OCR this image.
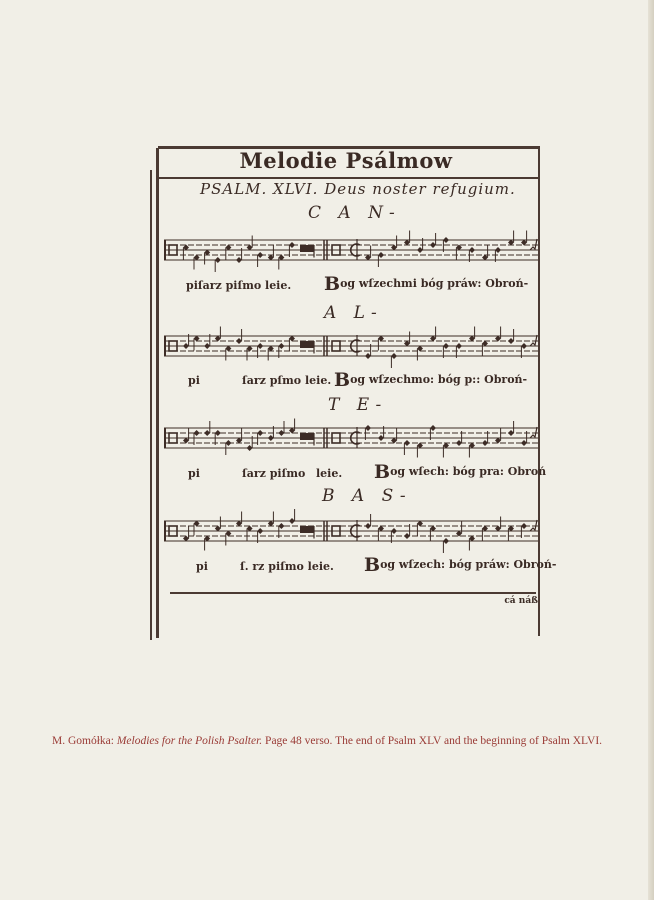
Melodie Psálmow
PSALM. XLVI. Deus noster refugium.
C A N-
piſarz piſmo leie. Bog wſzechmi bóg práw: Obroń-
A L-
pi	ſarz pſmo leie. Bog wſzechmo: bóg p:: Obroń-
T E-
pi	ſarz piſmo leie. Bog wſech: bóg pra: Obroń
B A S-
pi	ſ. rz piſmo leie. Bog wſzech: bóg práw: Obroń-
cá náß
M. Gomółka: Melodies for the Polish Psalter. Page 48 verso. The end of Psalm XLV and the beginning of Psalm XLVI.
